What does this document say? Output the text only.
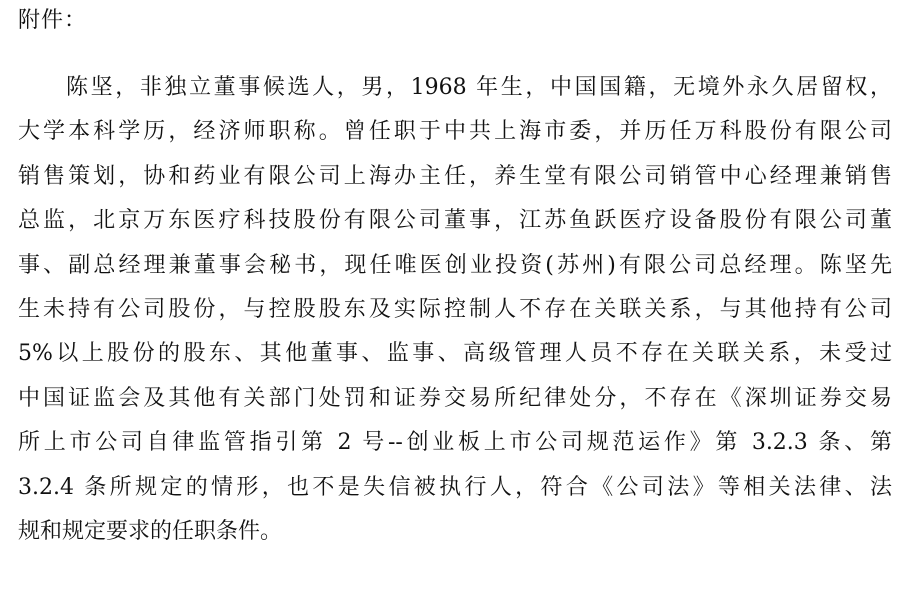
附件：
陈坚，非独立董事候选人，男，1968 年生，中国国籍，无境外永久居留权，
大学本科学历，经济师职称。曾任职于中共上海市委，并历任万科股份有限公司
销售策划，协和药业有限公司上海办主任，养生堂有限公司销管中心经理兼销售
总监，北京万东医疗科技股份有限公司董事，江苏鱼跃医疗设备股份有限公司董
事、副总经理兼董事会秘书，现任唯医创业投资(苏州)有限公司总经理。陈坚先
生未持有公司股份，与控股股东及实际控制人不存在关联关系，与其他持有公司
5%以上股份的股东、其他董事、监事、高级管理人员不存在关联关系，未受过
中国证监会及其他有关部门处罚和证券交易所纪律处分，不存在《深圳证券交易
所上市公司自律监管指引第 2 号--创业板上市公司规范运作》第 3.2.3 条、第
3.2.4 条所规定的情形，也不是失信被执行人，符合《公司法》等相关法律、法
规和规定要求的任职条件。
